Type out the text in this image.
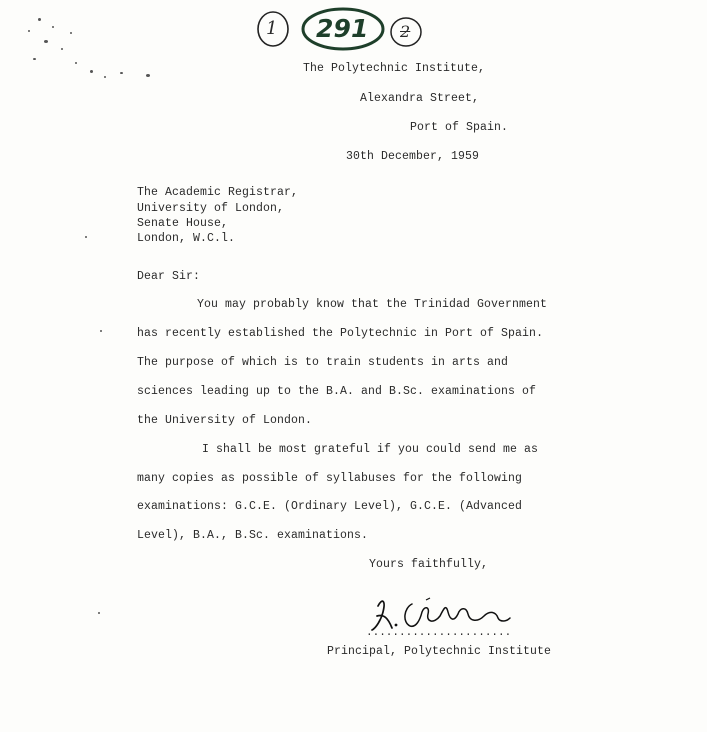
1 291 2
The Polytechnic Institute,
Alexandra Street,
Port of Spain.
30th December, 1959
The Academic Registrar,
University of London,
Senate House,
London, W.C.l.
Dear Sir:
You may probably know that the Trinidad Government
has recently established the Polytechnic in Port of Spain.
The purpose of which is to train students in arts and
sciences leading up to the B.A. and B.Sc. examinations of
the University of London.
I shall be most grateful if you could send me as
many copies as possible of syllabuses for the following
examinations: G.C.E. (Ordinary Level), G.C.E. (Advanced
Level), B.A., B.Sc. examinations.
Yours faithfully,
......................
Principal, Polytechnic Institute
